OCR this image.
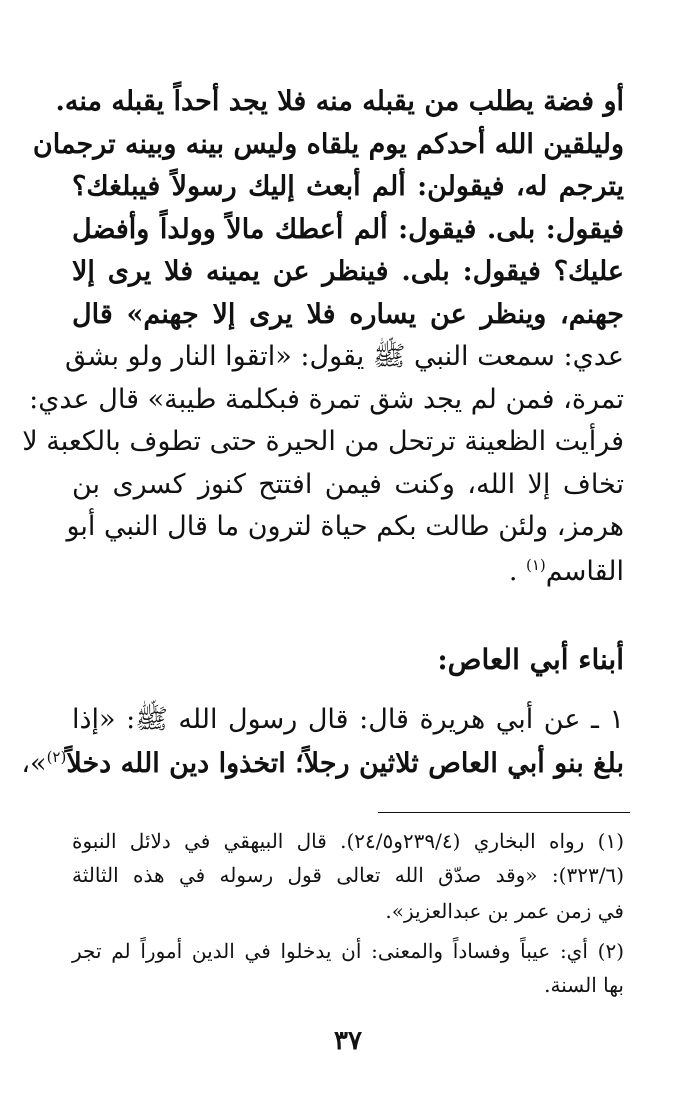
أو فضة يطلب من يقبله منه فلا يجد أحداً يقبله منه.
وليلقين الله أحدكم يوم يلقاه وليس بينه وبينه ترجمان
يترجم له، فيقولن: ألم أبعث إليك رسولاً فيبلغك؟
فيقول: بلى. فيقول: ألم أعطك مالاً وولداً وأفضل
عليك؟ فيقول: بلى. فينظر عن يمينه فلا يرى إلا
جهنم، وينظر عن يساره فلا يرى إلا جهنم» قال
عدي: سمعت النبي ﷺ يقول: «اتقوا النار ولو بشق
تمرة، فمن لم يجد شق تمرة فبكلمة طيبة» قال عدي:
فرأيت الظعينة ترتحل من الحيرة حتى تطوف بالكعبة لا
تخاف إلا الله، وكنت فيمن افتتح كنوز كسرى بن
هرمز، ولئن طالت بكم حياة لترون ما قال النبي أبو
القاسم$^{(١)}$ .
أبناء أبي العاص:
١ ـ عن أبي هريرة قال: قال رسول الله ﷺ: «إذا
بلغ بنو أبي العاص ثلاثين رجلاً؛ اتخذوا دين الله دخلاً$^{(٢)}$»،
(١) رواه البخاري (٢٣٩/٤و٢٤/٥). قال البيهقي في دلائل النبوة
(٣٢٣/٦): «وقد صدّق الله تعالى قول رسوله في هذه الثالثة
في زمن عمر بن عبدالعزيز».
(٢) أي: عيباً وفساداً والمعنى: أن يدخلوا في الدين أموراً لم تجر
بها السنة.
٣٧
